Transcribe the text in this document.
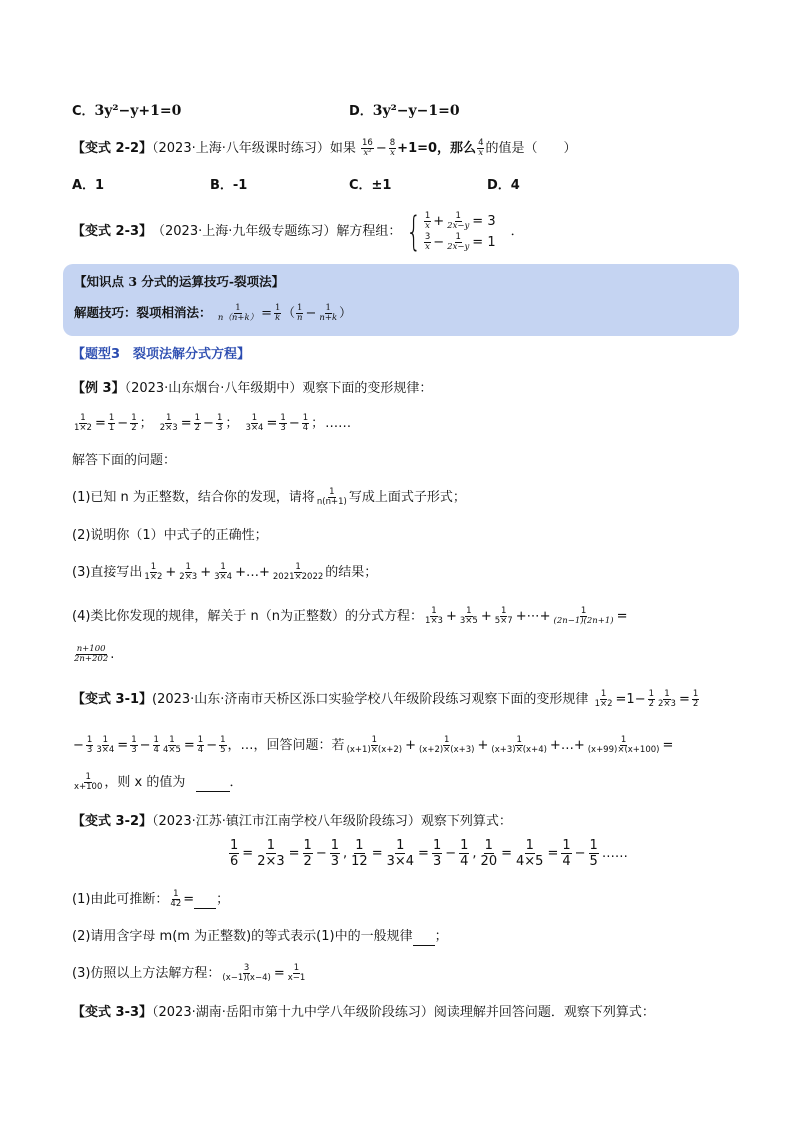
C．3y²−y+1=0	D．3y²−y−1=0
【变式 2-2】（2023·上海·八年级课时练习）如果 $\frac{16}{\text{x²}} - \frac{8}{x} +1=0$，那么 $\frac{4}{x}$ 的值是（　　）
A．1	B．-1	C．±1	D．4
【变式 2-3】 （2023·上海·九年级专题练习）解方程组： { $\frac{1}{x} + \frac{1}{2x-y} = 3$
$\frac{3}{x} - \frac{1}{2x-y} = 1$
．
【知识点 3 分式的运算技巧-裂项法】
解题技巧：裂项相消法： $\frac{1}{n(n+k)} = \frac{1}{k}$ （ $\frac{1}{n} - \frac{1}{n+k}$ ）
【题型3　裂项法解分式方程】
【例 3】（2023·山东烟台·八年级期中）观察下面的变形规律：
$\frac{1}{1\times 2} = \frac{1}{1} - \frac{1}{2}$ ； $\frac{1}{2\times 3} = \frac{1}{2} - \frac{1}{3}$ ； $\frac{1}{3\times 4} = \frac{1}{3} - \frac{1}{4}$ ；……
解答下面的问题：
(1)已知 n 为正整数，结合你的发现，请将 $\frac{1}{n(n+1)}$ 写成上面式子形式；
(2)说明你（1）中式子的正确性；
(3)直接写出 $\frac{1}{1\times 2} + \frac{1}{2\times 3} + \frac{1}{3\times 4}$ +…+ $\frac{1}{2021\times 2022}$ 的结果；
(4)类比你发现的规律，解关于 n（n为正整数）的分式方程： $\frac{1}{1\times 3} + \frac{1}{3\times 5} + \frac{1}{5\times 7}$ +⋯+ $\frac{1}{(2n-1)(2n+1)}$ =
$\frac{n+100}{2n+202}$ .
【变式 3-1】(2023·山东·济南市天桥区泺口实验学校八年级阶段练习观察下面的变形规律 $\frac{1}{1\times 2} =1- \frac{1}{2} \frac{1}{2\times 3} = \frac{1}{2}$
− $\frac{1}{3} \frac{1}{3\times 4} = \frac{1}{3} - \frac{1}{4} \frac{1}{4\times 5} = \frac{1}{4} - \frac{1}{5}$ ，…，回答问题：若 $\frac{1}{(x+1)\times(x+2)} + \frac{1}{(x+2)\times(x+3)} + \frac{1}{(x+3)\times(x+4)}$ +…+ $\frac{1}{(x+99)\times(x+100)}$ =
$\frac{1}{x+100}$ ，则 x 的值为	．
【变式 3-2】（2023·江苏·镇江市江南学校八年级阶段练习）观察下列算式：
$\frac{1}{6} = \frac{1}{2\times 3} = \frac{1}{2} - \frac{1}{3}$ , $\frac{1}{12} = \frac{1}{3\times 4} = \frac{1}{3} - \frac{1}{4}$ , $\frac{1}{20} = \frac{1}{4\times 5} = \frac{1}{4} - \frac{1}{5}$ ……
(1)由此可推断： $\frac{1}{42}$ = ；
(2)请用含字母 m(m 为正整数)的等式表示(1)中的一般规律 ；
(3)仿照以上方法解方程： $\frac{3}{(x-1)(x-4)} = \frac{1}{x-1}$
【变式 3-3】（2023·湖南·岳阳市第十九中学八年级阶段练习）阅读理解并回答问题．观察下列算式：
